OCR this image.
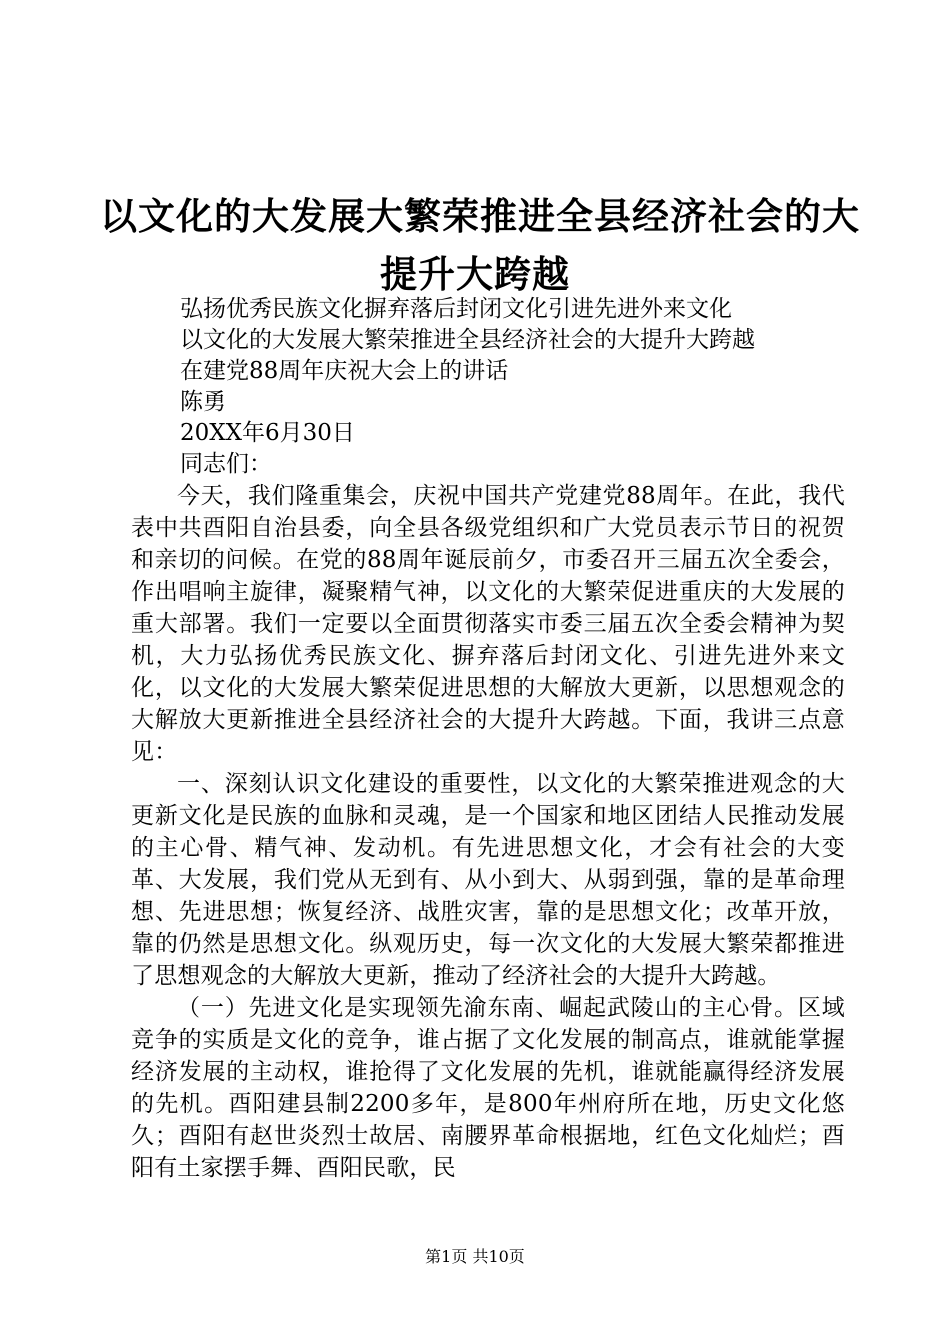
以文化的大发展大繁荣推进全县经济社会的大
提升大跨越
弘扬优秀民族文化摒弃落后封闭文化引进先进外来文化
以文化的大发展大繁荣推进全县经济社会的大提升大跨越
在建党88周年庆祝大会上的讲话
陈勇
20XX年6月30日
同志们：

今天，我们隆重集会，庆祝中国共产党建党88周年。在此，我代表中共酉阳自治县委，向全县各级党组织和广大党员表示节日的祝贺和亲切的问候。在党的88周年诞辰前夕，市委召开三届五次全委会，作出唱响主旋律，凝聚精气神，以文化的大繁荣促进重庆的大发展的重大部署。我们一定要以全面贯彻落实市委三届五次全委会精神为契机，大力弘扬优秀民族文化、摒弃落后封闭文化、引进先进外来文化，以文化的大发展大繁荣促进思想的大解放大更新，以思想观念的大解放大更新推进全县经济社会的大提升大跨越。下面，我讲三点意见：

一、深刻认识文化建设的重要性，以文化的大繁荣推进观念的大更新文化是民族的血脉和灵魂，是一个国家和地区团结人民推动发展的主心骨、精气神、发动机。有先进思想文化，才会有社会的大变革、大发展，我们党从无到有、从小到大、从弱到强，靠的是革命理想、先进思想；恢复经济、战胜灾害，靠的是思想文化；改革开放，靠的仍然是思想文化。纵观历史，每一次文化的大发展大繁荣都推进了思想观念的大解放大更新，推动了经济社会的大提升大跨越。

（一）先进文化是实现领先渝东南、崛起武陵山的主心骨。区域竞争的实质是文化的竞争，谁占据了文化发展的制高点，谁就能掌握经济发展的主动权，谁抢得了文化发展的先机，谁就能赢得经济发展的先机。酉阳建县制2200多年，是800年州府所在地，历史文化悠久；酉阳有赵世炎烈士故居、南腰界革命根据地，红色文化灿烂；酉阳有土家摆手舞、酉阳民歌，民

第1页 共10页
